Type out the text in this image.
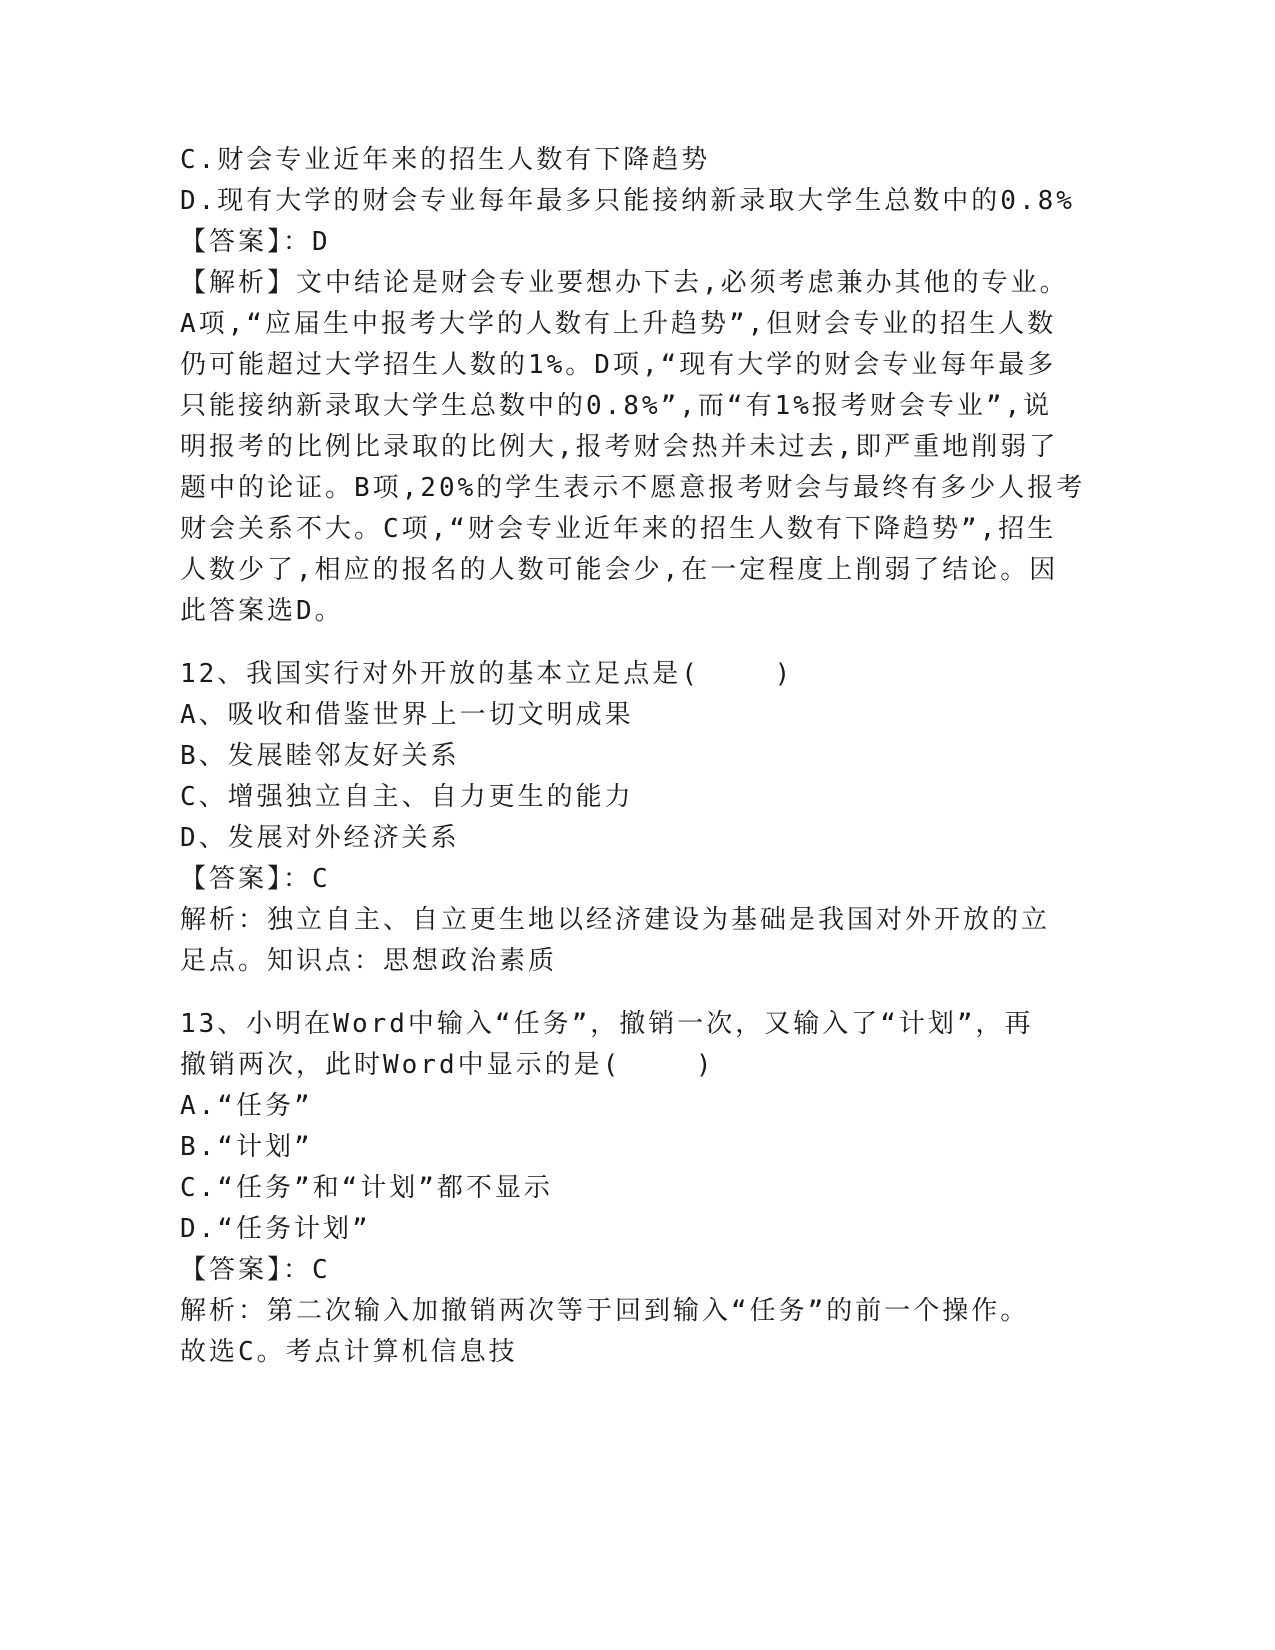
C.财会专业近年来的招生人数有下降趋势

D.现有大学的财会专业每年最多只能接纳新录取大学生总数中的0.8%

【答案】：D

【解析】文中结论是财会专业要想办下去,必须考虑兼办其他的专业。

A项,“应届生中报考大学的人数有上升趋势”,但财会专业的招生人数

仍可能超过大学招生人数的1%。D项,“现有大学的财会专业每年最多

只能接纳新录取大学生总数中的0.8%”,而“有1%报考财会专业”,说

明报考的比例比录取的比例大,报考财会热并未过去,即严重地削弱了

题中的论证。B项,20%的学生表示不愿意报考财会与最终有多少人报考

财会关系不大。C项,“财会专业近年来的招生人数有下降趋势”,招生

人数少了,相应的报名的人数可能会少,在一定程度上削弱了结论。因

此答案选D。

12、我国实行对外开放的基本立足点是(    )

A、吸收和借鉴世界上一切文明成果

B、发展睦邻友好关系

C、增强独立自主、自力更生的能力

D、发展对外经济关系

【答案】：C

解析：独立自主、自立更生地以经济建设为基础是我国对外开放的立

足点。知识点：思想政治素质

13、小明在Word中输入“任务”，撤销一次，又输入了“计划”，再

撤销两次，此时Word中显示的是(    )

A.“任务”

B.“计划”

C.“任务”和“计划”都不显示

D.“任务计划”

【答案】：C

解析：第二次输入加撤销两次等于回到输入“任务”的前一个操作。

故选C。考点计算机信息技
